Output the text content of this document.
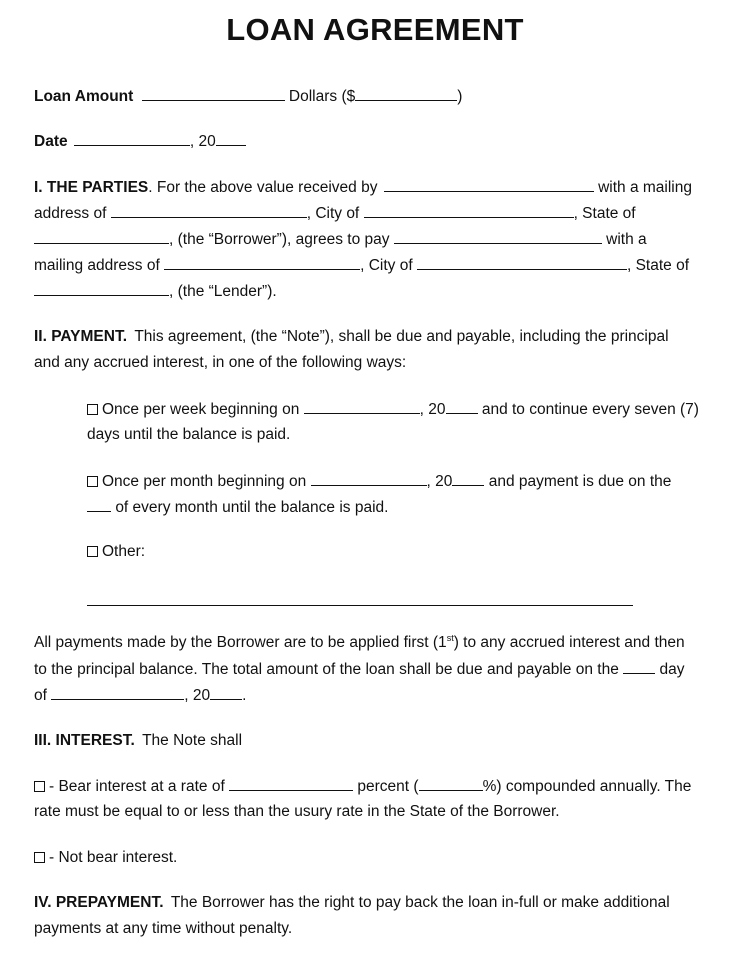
LOAN AGREEMENT
Loan Amount	Dollars ($	)
Date	, 20
I. THE PARTIES. For the above value received by	with a mailing
address of	, City of	, State of
, (the “Borrower”), agrees to pay	with a
mailing address of	, City of	, State of
, (the “Lender”).
II. PAYMENT. This agreement, (the “Note”), shall be due and payable, including the principal
and any accrued interest, in one of the following ways:
Once per week beginning on	, 20 and to continue every seven (7)
days until the balance is paid.
Once per month beginning on	, 20 and payment is due on the
of every month until the balance is paid.
Other:
All payments made by the Borrower are to be applied first (1st) to any accrued interest and then
to the principal balance. The total amount of the loan shall be due and payable on the	day
of	, 20 .
III. INTEREST. The Note shall
- Bear interest at a rate of	percent (	%) compounded annually. The
rate must be equal to or less than the usury rate in the State of the Borrower.
- Not bear interest.
IV. PREPAYMENT. The Borrower has the right to pay back the loan in-full or make additional
payments at any time without penalty.
